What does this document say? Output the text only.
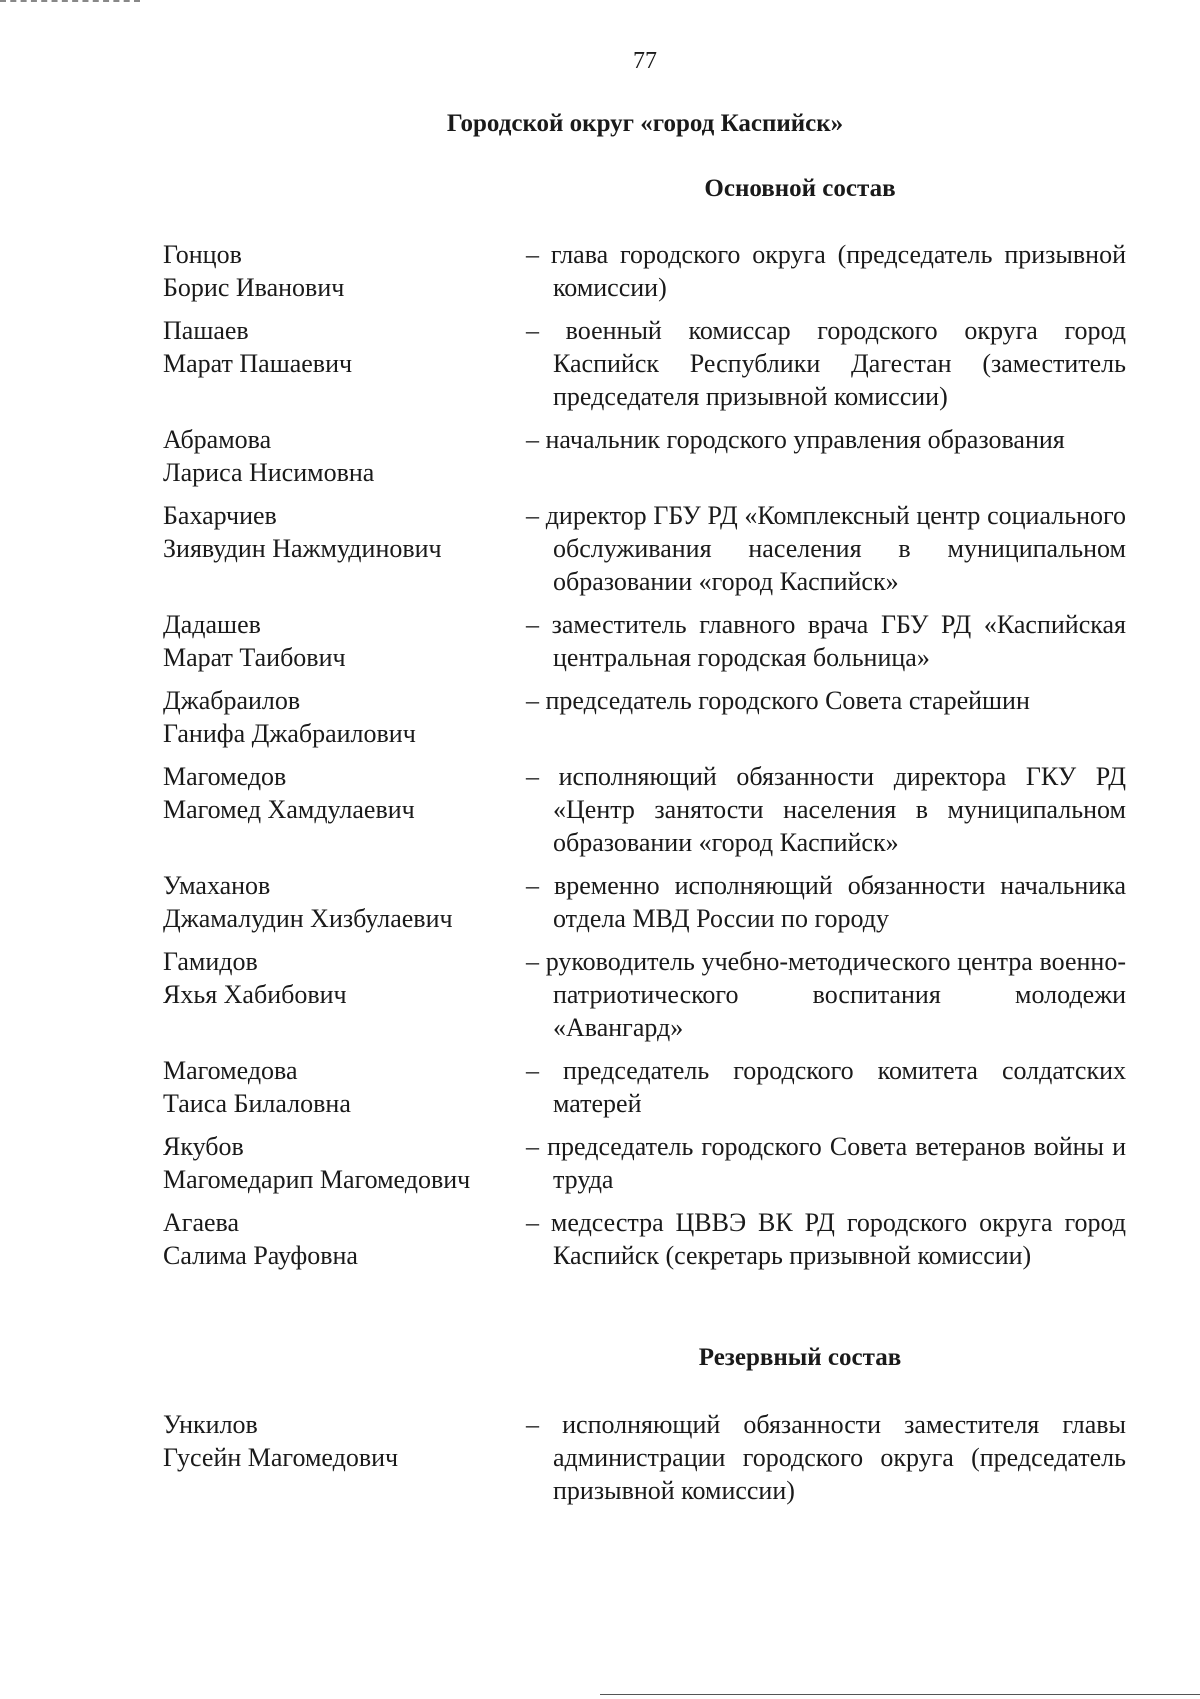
77
Городской округ «город Каспийск»
Основной состав
Гонцов
Борис Иванович
– глава городского округа (председатель призывной комиссии)
Пашаев
Марат Пашаевич
– военный комиссар городского округа город Каспийск Республики Дагестан (заместитель председателя призывной комиссии)
Абрамова
Лариса Нисимовна
– начальник городского управления образования
Бахарчиев
Зиявудин Нажмудинович
– директор ГБУ РД «Комплексный центр социального обслуживания населения в муниципальном образовании «город Каспийск»
Дадашев
Марат Таибович
– заместитель главного врача ГБУ РД «Каспийская центральная городская больница»
Джабраилов
Ганифа Джабраилович
– председатель городского Совета старейшин
Магомедов
Магомед Хамдулаевич
– исполняющий обязанности директора ГКУ РД «Центр занятости населения в муниципальном образовании «город Каспийск»
Умаханов
Джамалудин Хизбулаевич
– временно исполняющий обязанности начальника отдела МВД России по городу
Гамидов
Яхья Хабибович
– руководитель учебно-методического центра военно-патриотического воспитания молодежи «Авангард»
Магомедова
Таиса Билаловна
– председатель городского комитета солдатских матерей
Якубов
Магомедарип Магомедович
– председатель городского Совета ветеранов войны и труда
Агаева
Салима Рауфовна
– медсестра ЦВВЭ ВК РД городского округа город Каспийск (секретарь призывной комиссии)
Резервный состав
Ункилов
Гусейн Магомедович
– исполняющий обязанности заместителя главы администрации городского округа (председатель призывной комиссии)
